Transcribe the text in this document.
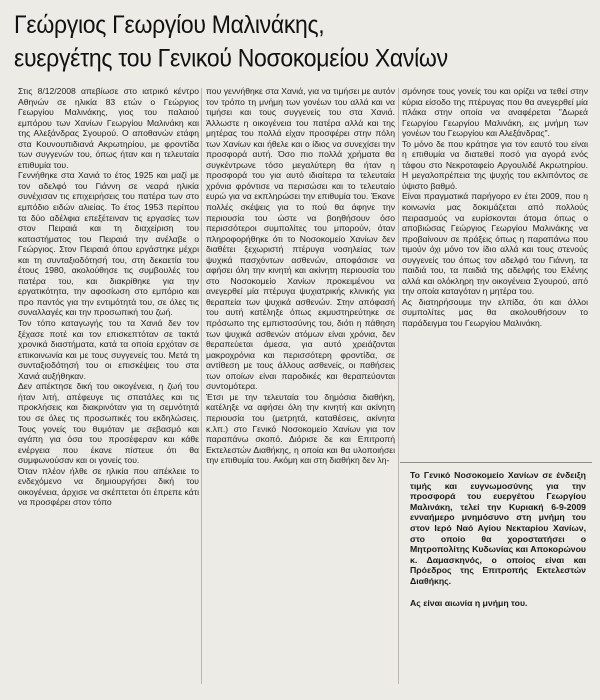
Γεώργιος Γεωργίου Μαλινάκης,
ευεργέτης του Γενικού Νοσοκομείου Χανίων

Στις 8/12/2008 απεβίωσε στο ιατρικό κέντρο Αθηνών σε ηλικία 83 ετών ο Γεώργιος Γεωργίου Μαλινάκης, γιος του παλαιού εμπόρου των Χανίων Γεωργίου Μαλινάκη και της Αλεξάνδρας Σγουρού. Ο αποθανών ετάφη στα Κουνουπιδιανά Ακρωτηρίου, με φροντίδα των συγγενών του, όπως ήταν και η τελευταία επιθυμία του.

Γεννήθηκε στα Χανιά το έτος 1925 και μαζί με τον αδελφό του Γιάννη σε νεαρά ηλικία συνέχισαν τις επιχειρήσεις του πατέρα των στο εμπόδιο ειδών αλιείας. Το έτος 1953 περίπου τα δύο αδέλφια επεξέτειναν τις εργασίες των στον Πειραιά και τη διαχείριση του καταστήματος του Πειραιά την ανέλαβε ο Γεώργιος. Στον Πειραιά όπου εργάστηκε μέχρι και τη συνταξιοδότησή του, στη δεκαετία του έτους 1980, ακολούθησε τις συμβουλές του πατέρα του, και διακρίθηκε για την εργατικότητα, την αφοσίωση στο εμπόριο και προ παντός για την εντιμότητά του, σε όλες τις συναλλαγές και την προσωπική του ζωή.

Τον τόπο καταγωγής του τα Χανιά δεν τον ξέχασε ποτέ και τον επισκεπτόταν σε τακτά χρονικά διαστήματα, κατά τα οποία ερχόταν σε επικοινωνία και με τους συγγενείς του. Μετά τη συνταξιοδότησή του οι επισκέψεις του στα Χανιά αυξήθηκαν.

Δεν απέκτησε δική του οικογένεια, η ζωή του ήταν λιτή, απέφευγε τις σπατάλες και τις προκλήσεις και διακρινόταν για τη σεμνότητά του σε όλες τις προσωπικές του εκδηλώσεις. Τους γονείς του θυμόταν με σεβασμό και αγάπη για όσα του προσέφεραν και κάθε ενέργεια που έκανε πίστευε ότι θα συμφωνούσαν και οι γονείς του.

Όταν πλέον ήλθε σε ηλικία που απέκλειε το ενδεχόμενο να δημιουργήσει δική του οικογένεια, άρχισε να σκέπτεται ότι έπρεπε κάτι να προσφέρει στον τόπο

που γεννήθηκε στα Χανιά, για να τιμήσει με αυτόν τον τρόπο τη μνήμη των γονέων του αλλά και να τιμήσει και τους συγγενείς του στα Χανιά. Άλλωστε η οικογένεια του πατέρα αλλά και της μητέρας του πολλά είχαν προσφέρει στην πόλη των Χανίων και ήθελε και ο ίδιος να συνεχίσει την προσφορά αυτή. Όσο πιο πολλά χρήματα θα συγκέντρωνε τόσο μεγαλύτερη θα ήταν η προσφορά του για αυτό ιδιαίτερα τα τελευταία χρόνια φρόντισε να περισώσει και το τελευταίο ευρώ για να εκπληρώσει την επιθυμία του. Έκανε πολλές σκέψεις για το πού θα άφηνε την περιουσία του ώστε να βοηθήσουν όσο περισσότεροι συμπολίτες του μπορούν, όταν πληροφορήθηκε ότι το Νοσοκομείο Χανίων δεν διαθέτει ξεχωριστή πτέρυγα νοσηλείας των ψυχικά πασχόντων ασθενών, αποφάσισε να αφήσει όλη την κινητή και ακίνητη περιουσία του στο Νοσοκομείο Χανίων προκειμένου να ανεγερθεί μία πτέρυγα ψυχιατρικής κλινικής για θεραπεία των ψυχικά ασθενών. Στην απόφασή του αυτή κατέληξε όπως εκμυστηρεύτηκε σε πρόσωπο της εμπιστοσύνης του, διότι η πάθηση των ψυχικά ασθενών ατόμων είναι χρόνια, δεν θεραπεύεται άμεσα, για αυτό χρειάζονται μακροχρόνια και περισσότερη φροντίδα, σε αντίθεση με τους άλλους ασθενείς, οι παθήσεις των οποίων είναι παροδικές και θεραπεύονται συντομότερα.

Έτσι με την τελευταία του δημόσια διαθήκη, κατέληξε να αφήσει όλη την κινητή και ακίνητη περιουσία του (μετρητά, καταθέσεις, ακίνητα κ.λπ.) στο Γενικό Νοσοκομείο Χανίων για τον παραπάνω σκοπό. Διόρισε δε και Επιτροπή Εκτελεστών Διαθήκης, η οποία και θα υλοποιήσει την επιθυμία του. Ακόμη και στη διαθήκη δεν λη-

σμόνησε τους γονείς του και ορίζει να τεθεί στην κύρια είσοδο της πτέρυγας που θα ανεγερθεί μία πλάκα στην οποία να αναφέρεται "Δωρεά Γεωργίου Γεωργίου Μαλινάκη, εις μνήμη των γονέων του Γεωργίου και Αλεξάνδρας".

Το μόνο δε που κράτησε για τον εαυτό του είναι η επιθυμία να διατεθεί ποσό για αγορά ενός τάφου στο Νεκροταφείο Αργουλιδέ Ακρωτηρίου. Η μεγαλοπρέπεια της ψυχής του εκλιπόντος σε ύψιστο βαθμό.

Είναι πραγματικά παρήγορο εν έτει 2009, που η κοινωνία μας δοκιμάζεται από πολλούς πειρασμούς να ευρίσκονται άτομα όπως ο αποβιώσας Γεώργιος Γεωργίου Μαλινάκης να προβαίνουν σε πράξεις όπως η παραπάνω που τιμούν όχι μόνο τον ίδιο αλλά και τους στενούς συγγενείς του όπως τον αδελφό του Γιάννη, τα παιδιά του, τα παιδιά της αδελφής του Ελένης αλλά και ολόκληρη την οικογένεια Σγουρού, από την οποία καταγόταν η μητέρα του.

Ας διατηρήσουμε την ελπίδα, ότι και άλλοι συμπολίτες μας θα ακολουθήσουν το παράδειγμα του Γεωργίου Μαλινάκη.

Το Γενικό Νοσοκομείο Χανίων σε ένδειξη τιμής και ευγνωμοσύνης για την προσφορά του ευεργέτου Γεωργίου Μαλινάκη, τελεί την Κυριακή 6-9-2009 ενναήμερο μνημόσυνο στη μνήμη του στον Ιερό Ναό Αγίου Νεκταρίου Χανίων, στο οποίο θα χοροστατήσει ο Μητροπολίτης Κυδωνίας και Αποκορώνου κ. Δαμασκηνός, ο οποίος είναι και Πρόεδρος της Επιτροπής Εκτελεστών Διαθήκης.

Ας είναι αιωνία η μνήμη του.
